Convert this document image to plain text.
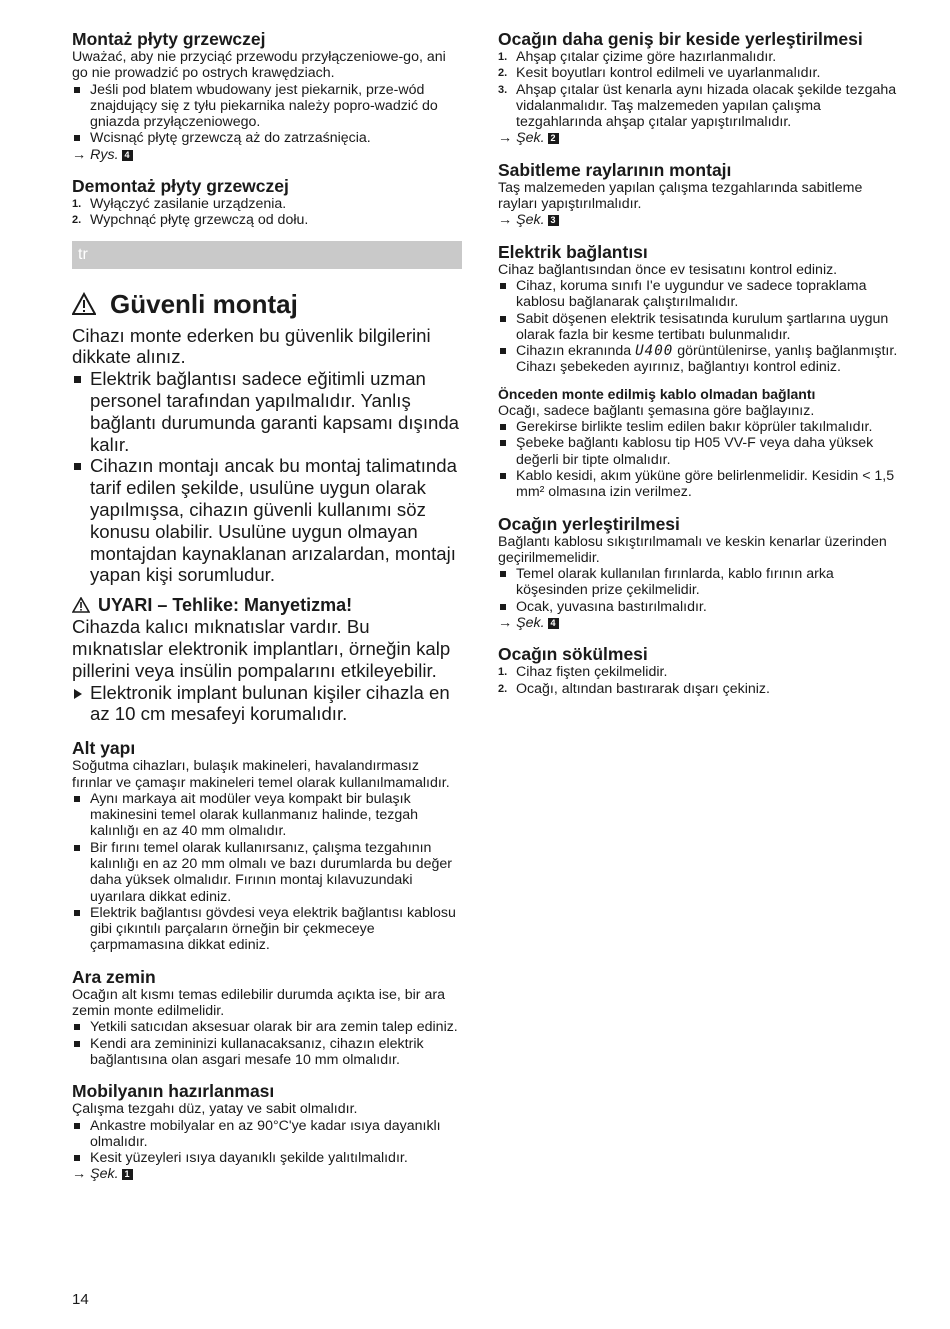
Montaż płyty grzewczej

Uważać, aby nie przyciąć przewodu przyłączeniowe-go, ani go nie prowadzić po ostrych krawędziach.

Jeśli pod blatem wbudowany jest piekarnik, prze-wód znajdujący się z tyłu piekarnika należy popro-wadzić do gniazda przyłączeniowego.
Wcisnąć płytę grzewczą aż do zatrzaśnięcia.
→ Rys. 4
Demontaż płyty grzewczej
1. Wyłączyć zasilanie urządzenia.
2. Wypchnąć płytę grzewczą od dołu.
tr
Güvenli montaj
Cihazı monte ederken bu güvenlik bilgilerini dikkate alınız.
Elektrik bağlantısı sadece eğitimli uzman personel tarafından yapılmalıdır. Yanlış bağlantı durumunda garanti kapsamı dışında kalır.
Cihazın montajı ancak bu montaj talimatında tarif edilen şekilde, usulüne uygun olarak yapılmışsa, cihazın güvenli kullanımı söz konusu olabilir. Usulüne uygun olmayan montajdan kaynaklanan arızalardan, montajı yapan kişi sorumludur.
UYARI – Tehlike: Manyetizma!
Cihazda kalıcı mıknatıslar vardır. Bu mıknatıslar elektronik implantları, örneğin kalp pillerini veya insülin pompalarını etkileyebilir.
Elektronik implant bulunan kişiler cihazla en az 10 cm mesafeyi korumalıdır.
Alt yapı

Soğutma cihazları, bulaşık makineleri, havalandırmasız fırınlar ve çamaşır makineleri temel olarak kullanılmamalıdır.

Aynı markaya ait modüler veya kompakt bir bulaşık makinesini temel olarak kullanmanız halinde, tezgah kalınlığı en az 40 mm olmalıdır.
Bir fırını temel olarak kullanırsanız, çalışma tezgahının kalınlığı en az 20 mm olmalı ve bazı durumlarda bu değer daha yüksek olmalıdır. Fırının montaj kılavuzundaki uyarılara dikkat ediniz.
Elektrik bağlantısı gövdesi veya elektrik bağlantısı kablosu gibi çıkıntılı parçaların örneğin bir çekmeceye çarpmamasına dikkat ediniz.
Ara zemin

Ocağın alt kısmı temas edilebilir durumda açıkta ise, bir ara zemin monte edilmelidir.

Yetkili satıcıdan aksesuar olarak bir ara zemin talep ediniz.
Kendi ara zemininizi kullanacaksanız, cihazın elektrik bağlantısına olan asgari mesafe 10 mm olmalıdır.
Mobilyanın hazırlanması

Çalışma tezgahı düz, yatay ve sabit olmalıdır.

Ankastre mobilyalar en az 90°C'ye kadar ısıya dayanıklı olmalıdır.
Kesit yüzeyleri ısıya dayanıklı şekilde yalıtılmalıdır.
→ Şek. 1
14
Ocağın daha geniş bir keside yerleştirilmesi
1. Ahşap çıtalar çizime göre hazırlanmalıdır.
2. Kesit boyutları kontrol edilmeli ve uyarlanmalıdır.
3. Ahşap çıtalar üst kenarla aynı hizada olacak şekilde tezgaha vidalanmalıdır. Taş malzemeden yapılan çalışma tezgahlarında ahşap çıtalar yapıştırılmalıdır.
→ Şek. 2
Sabitleme raylarının montajı

Taş malzemeden yapılan çalışma tezgahlarında sabitleme rayları yapıştırılmalıdır.

→ Şek. 3
Elektrik bağlantısı

Cihaz bağlantısından önce ev tesisatını kontrol ediniz.

Cihaz, koruma sınıfı I'e uygundur ve sadece topraklama kablosu bağlanarak çalıştırılmalıdır.
Sabit döşenen elektrik tesisatında kurulum şartlarına uygun olarak fazla bir kesme tertibatı bulunmalıdır.
Cihazın ekranında U400 görüntülenirse, yanlış bağlanmıştır. Cihazı şebekeden ayırınız, bağlantıyı kontrol ediniz.
Önceden monte edilmiş kablo olmadan bağlantı

Ocağı, sadece bağlantı şemasına göre bağlayınız.

Gerekirse birlikte teslim edilen bakır köprüler takılmalıdır.
Şebeke bağlantı kablosu tip H05 VV-F veya daha yüksek değerli bir tipte olmalıdır.
Kablo kesidi, akım yüküne göre belirlenmelidir. Kesidin < 1,5 mm² olmasına izin verilmez.
Ocağın yerleştirilmesi

Bağlantı kablosu sıkıştırılmamalı ve keskin kenarlar üzerinden geçirilmemelidir.

Temel olarak kullanılan fırınlarda, kablo fırının arka köşesinden prize çekilmelidir.
Ocak, yuvasına bastırılmalıdır.
→ Şek. 4
Ocağın sökülmesi
1. Cihaz fişten çekilmelidir.
2. Ocağı, altından bastırarak dışarı çekiniz.
